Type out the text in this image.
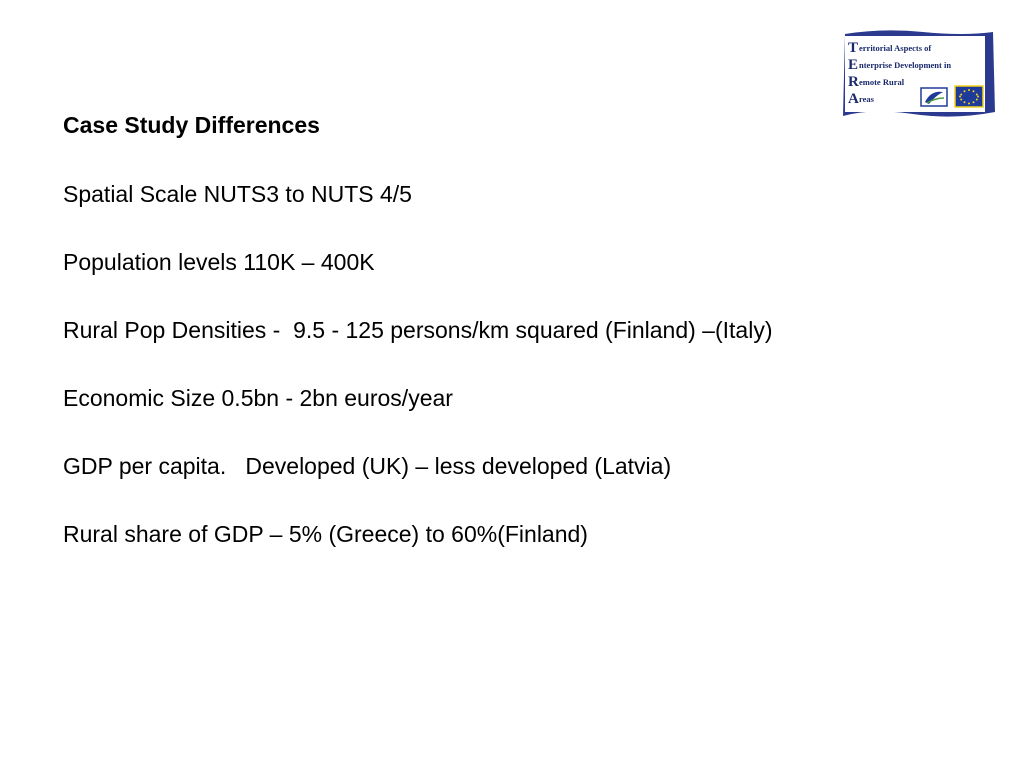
T erritorial Aspects of
E nterprise Development in
R emote Rural
A reas
Case Study Differences
Spatial Scale NUTS3 to NUTS 4/5
Population levels 110K – 400K
Rural Pop Densities -  9.5 - 125 persons/km squared (Finland) –(Italy)
Economic Size 0.5bn - 2bn euros/year
GDP per capita.   Developed (UK) – less developed (Latvia)
Rural share of GDP – 5% (Greece) to 60%(Finland)
